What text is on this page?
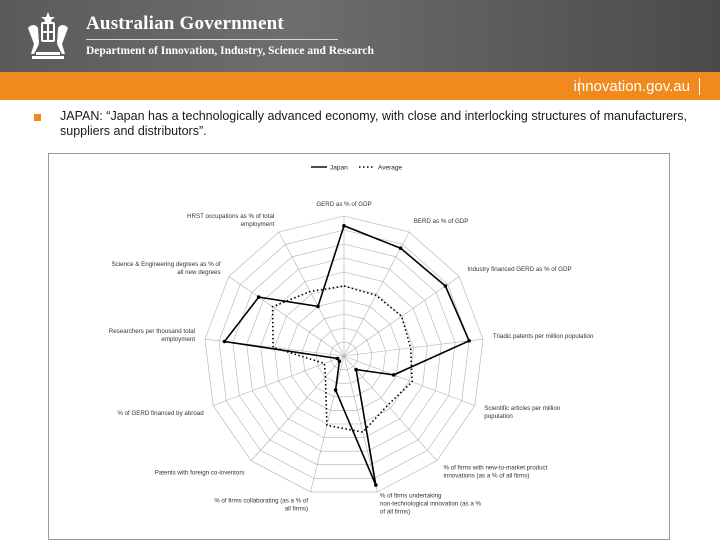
Australian Government
Department of Innovation, Industry, Science and Research
innovation.gov.au
JAPAN: “Japan has a technologically advanced economy, with close and interlocking structures of manufacturers, suppliers and distributors”.
GERD as % of GDP
BERD as % of GDP
Industry financed GERD as % of GDP
Triadic patents per million population
Scientific articles per million population
% of firms with new-to-market product innovations (as a % of all firms)
% of firms undertaking non-technological innovation (as a % of all firms)
% of firms collaborating (as a % of all firms)
Patents with foreign co-inventors
% of GERD financed by abroad
Researchers per thousand total employment
Science & Engineering degrees as % of all new degrees
HRST occupations as % of total employment
Japan	Average
